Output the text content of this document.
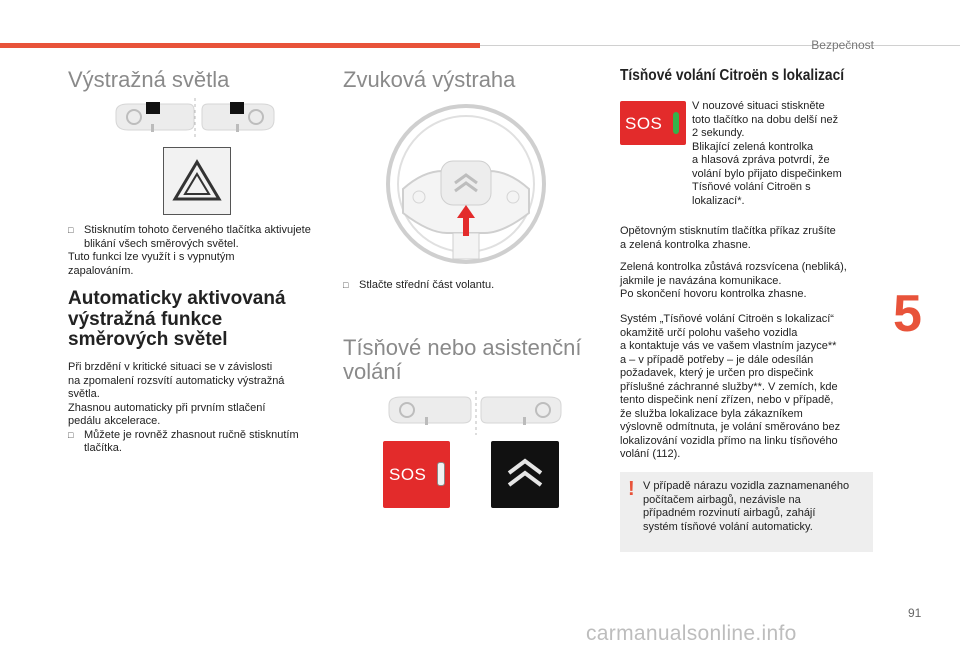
Bezpečnost
5
Výstražná světla

□ Stisknutím tohoto červeného tlačítka aktivujete blikání všech směrových světel.

Tuto funkci lze využít i s vypnutým

zapalováním.

Automaticky aktivovaná
výstražná funkce
směrových světel

Při brzdění v kritické situaci se v závislosti

na zpomalení rozsvítí automaticky výstražná

světla.

Zhasnou automaticky při prvním stlačení

pedálu akcelerace.

□ Můžete je rovněž zhasnout ručně stisknutím tlačítka.

Zvuková výstraha

□ Stlačte střední část volantu.

Tísňové nebo asistenční
volání
SOS
Tísňové volání Citroën s lokalizací
SOS

V nouzové situaci stiskněte

toto tlačítko na dobu delší než

2 sekundy.

Blikající zelená kontrolka

a hlasová zpráva potvrdí, že

volání bylo přijato dispečinkem

Tísňové volání Citroën s

lokalizací*.

Opětovným stisknutím tlačítka příkaz zrušíte

a zelená kontrolka zhasne.

Zelená kontrolka zůstává rozsvícena (nebliká),

jakmile je navázána komunikace.

Po skončení hovoru kontrolka zhasne.

Systém „Tísňové volání Citroën s lokalizací“

okamžitě určí polohu vašeho vozidla

a kontaktuje vás ve vašem vlastním jazyce**

a – v případě potřeby – je dále odesílán

požadavek, který je určen pro dispečink

příslušné záchranné služby**. V zemích, kde

tento dispečink není zřízen, nebo v případě,

že služba lokalizace byla zákazníkem

výslovně odmítnuta, je volání směrováno bez

lokalizování vozidla přímo na linku tísňového

volání (112).

! V případě nárazu vozidla zaznamenaného

počítačem airbagů, nezávisle na

případném rozvinutí airbagů, zahájí

systém tísňové volání automaticky.

91
carmanualsonline.info
